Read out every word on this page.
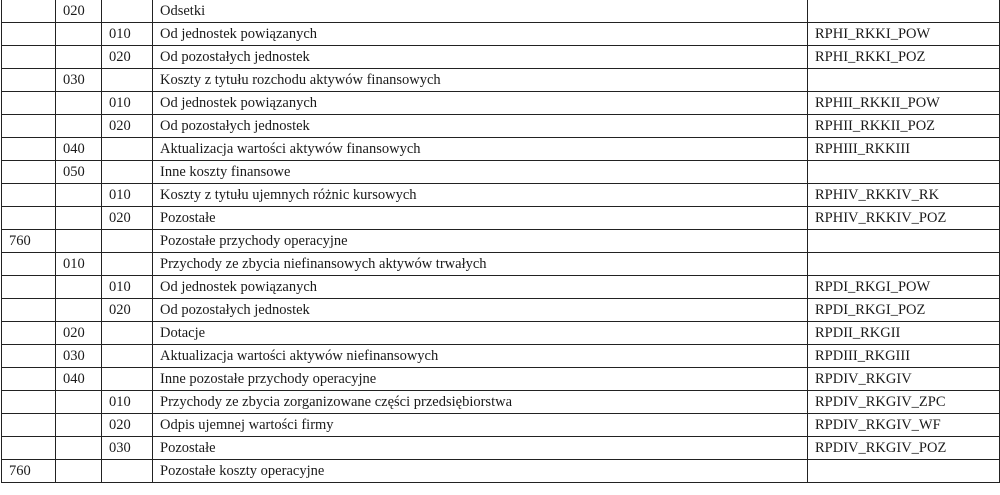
	020		Odsetki	
		010	Od jednostek powiązanych	RPHI_RKKI_POW
		020	Od pozostałych jednostek	RPHI_RKKI_POZ
	030		Koszty z tytułu rozchodu aktywów finansowych	
		010	Od jednostek powiązanych	RPHII_RKKII_POW
		020	Od pozostałych jednostek	RPHII_RKKII_POZ
	040		Aktualizacja wartości aktywów finansowych	RPHIII_RKKIII
	050		Inne koszty finansowe	
		010	Koszty z tytułu ujemnych różnic kursowych	RPHIV_RKKIV_RK
		020	Pozostałe	RPHIV_RKKIV_POZ
760			Pozostałe przychody operacyjne	
	010		Przychody ze zbycia niefinansowych aktywów trwałych	
		010	Od jednostek powiązanych	RPDI_RKGI_POW
		020	Od pozostałych jednostek	RPDI_RKGI_POZ
	020		Dotacje	RPDII_RKGII
	030		Aktualizacja wartości aktywów niefinansowych	RPDIII_RKGIII
	040		Inne pozostałe przychody operacyjne	RPDIV_RKGIV
		010	Przychody ze zbycia zorganizowane części przedsiębiorstwa	RPDIV_RKGIV_ZPC
		020	Odpis ujemnej wartości firmy	RPDIV_RKGIV_WF
		030	Pozostałe	RPDIV_RKGIV_POZ
760			Pozostałe koszty operacyjne	
